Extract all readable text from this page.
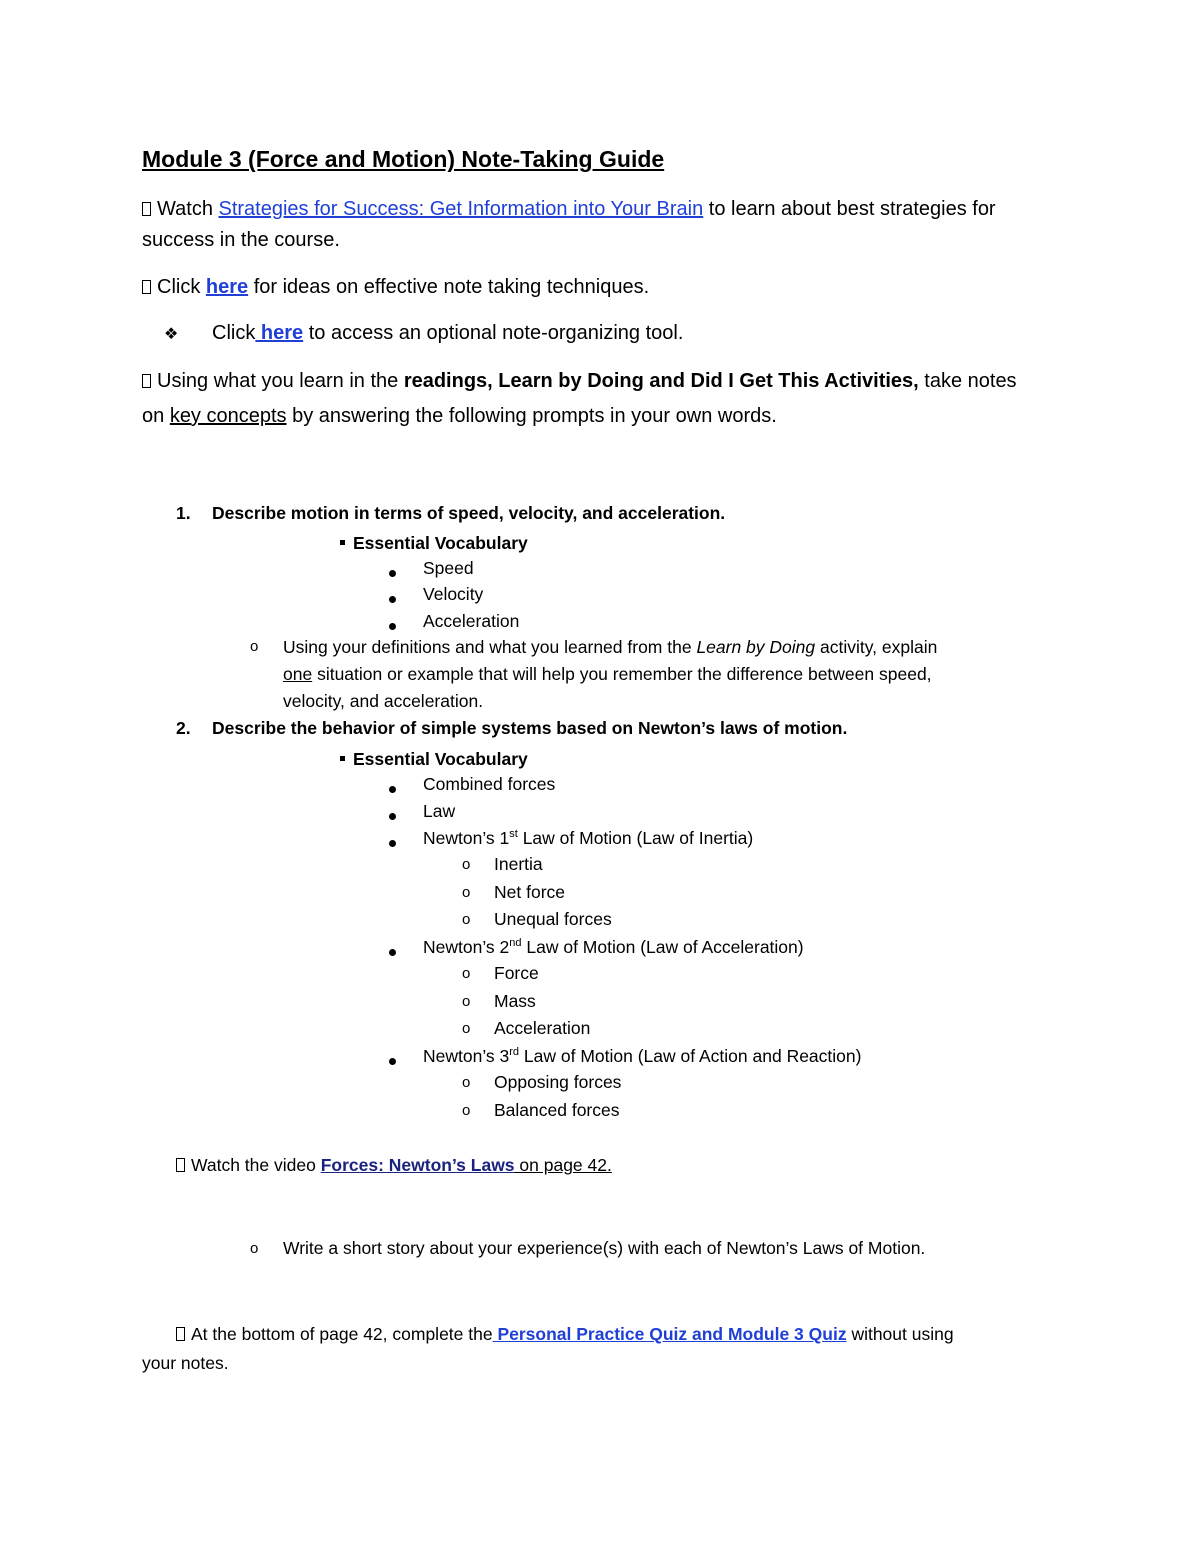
Module 3 (Force and Motion) Note-Taking Guide
Watch Strategies for Success: Get Information into Your Brain to learn about best strategies for
success in the course.
Click here for ideas on effective note taking techniques.
❖ Click here to access an optional note-organizing tool.
Using what you learn in the readings, Learn by Doing and Did I Get This Activities, take notes
on key concepts by answering the following prompts in your own words.
1. Describe motion in terms of speed, velocity, and acceleration.
Essential Vocabulary
Speed
Velocity
Acceleration
o Using your definitions and what you learned from the Learn by Doing activity, explain
one situation or example that will help you remember the difference between speed,
velocity, and acceleration.
2. Describe the behavior of simple systems based on Newton’s laws of motion.
Essential Vocabulary
Combined forces
Law
Newton’s 1st Law of Motion (Law of Inertia)
o Inertia
o Net force
o Unequal forces
Newton’s 2nd Law of Motion (Law of Acceleration)
o Force
o Mass
o Acceleration
Newton’s 3rd Law of Motion (Law of Action and Reaction)
o Opposing forces
o Balanced forces
Watch the video Forces: Newton’s Laws on page 42.
o Write a short story about your experience(s) with each of Newton’s Laws of Motion.
At the bottom of page 42, complete the Personal Practice Quiz and Module 3 Quiz without using
your notes.
